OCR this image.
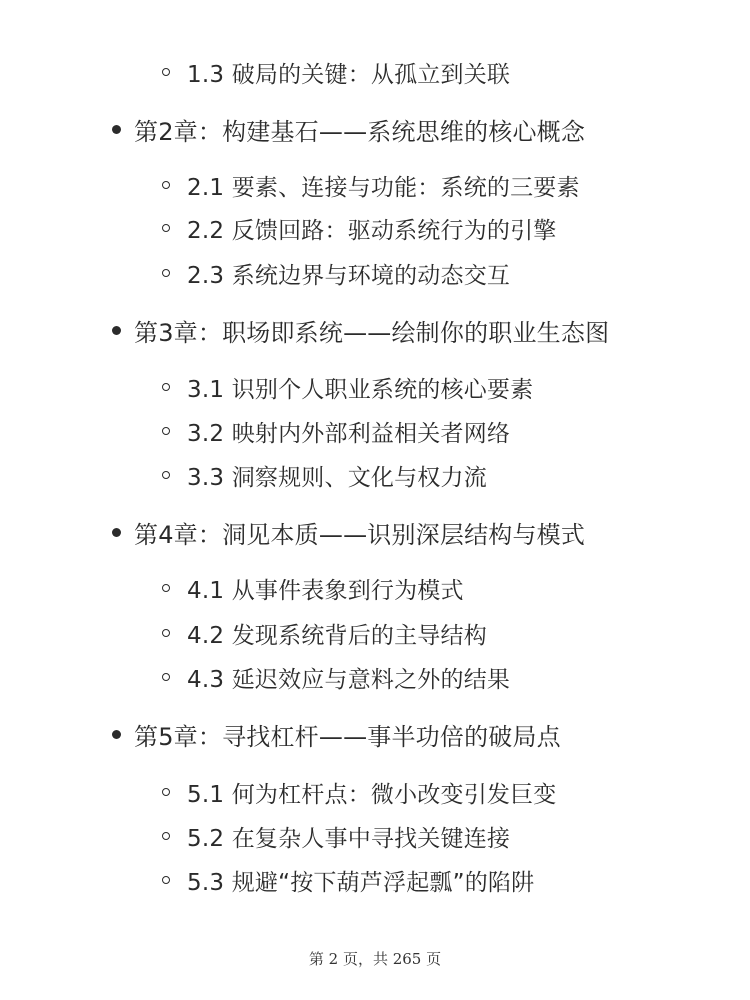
1.3 破局的关键：从孤立到关联
第2章：构建基石——系统思维的核心概念
2.1 要素、连接与功能：系统的三要素
2.2 反馈回路：驱动系统行为的引擎
2.3 系统边界与环境的动态交互
第3章：职场即系统——绘制你的职业生态图
3.1 识别个人职业系统的核心要素
3.2 映射内外部利益相关者网络
3.3 洞察规则、文化与权力流
第4章：洞见本质——识别深层结构与模式
4.1 从事件表象到行为模式
4.2 发现系统背后的主导结构
4.3 延迟效应与意料之外的结果
第5章：寻找杠杆——事半功倍的破局点
5.1 何为杠杆点：微小改变引发巨变
5.2 在复杂人事中寻找关键连接
5.3 规避“按下葫芦浮起瓢”的陷阱
第 2 页，共 265 页
